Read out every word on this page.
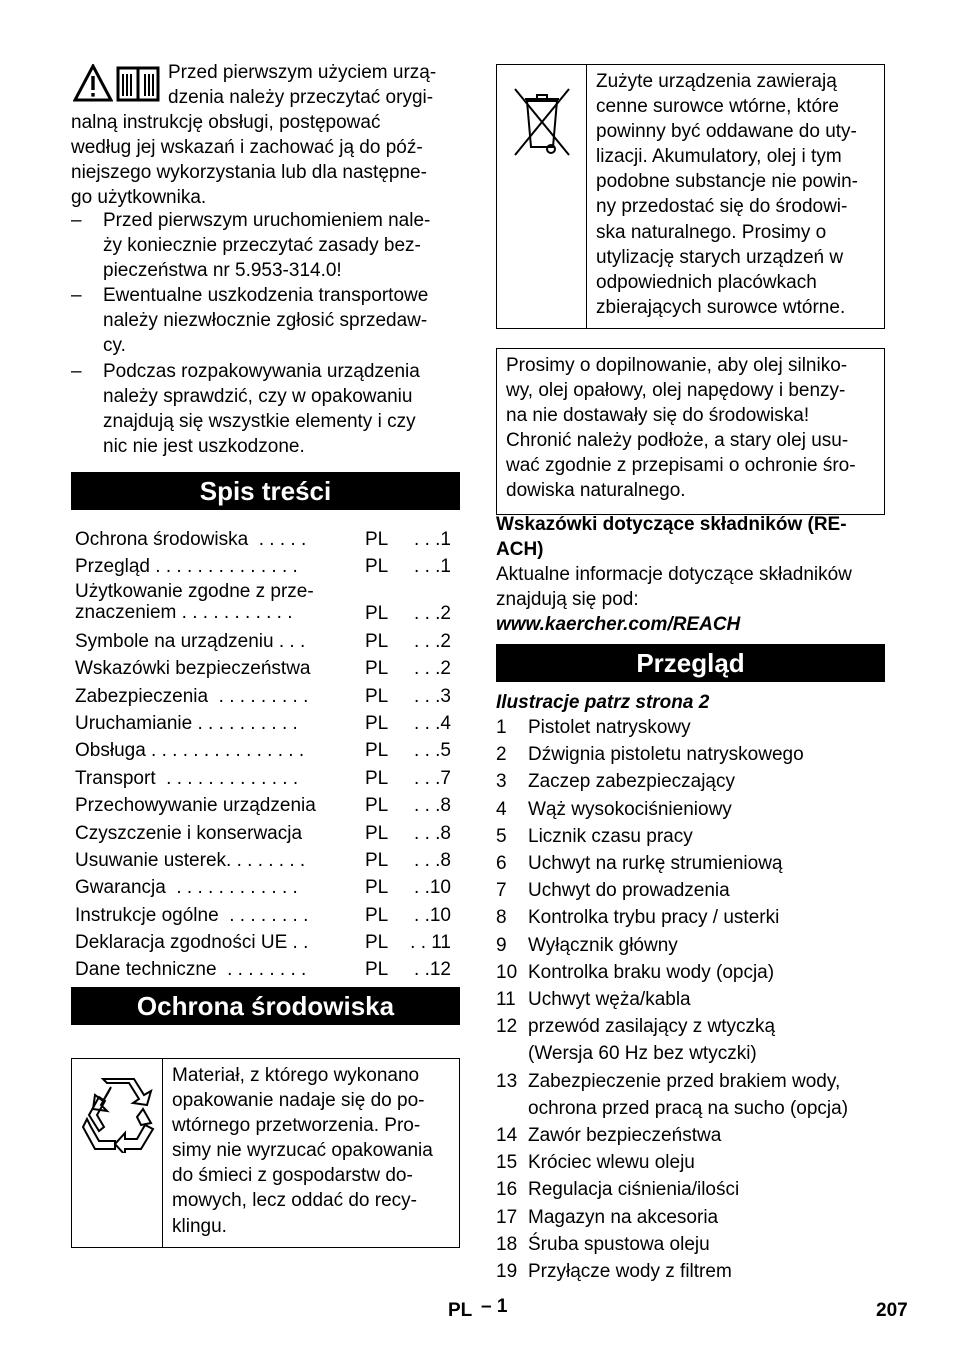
Przed pierwszym użyciem urzą-
dzenia należy przeczytać orygi-
nalną instrukcję obsługi, postępować
według jej wskazań i zachować ją do póź-
niejszego wykorzystania lub dla następne-
go użytkownika.
– Przed pierwszym uruchomieniem nale-
ży koniecznie przeczytać zasady bez-
pieczeństwa nr 5.953-314.0!
– Ewentualne uszkodzenia transportowe
należy niezwłocznie zgłosić sprzedaw-
cy.
– Podczas rozpakowywania urządzenia
należy sprawdzić, czy w opakowaniu
znajdują się wszystkie elementy i czy
nic nie jest uszkodzone.
Spis treści
Ochrona środowiska  . . . . .	PL	. . .1
Przegląd . . . . . . . . . . . . . .	PL	. . .1
Użytkowanie zgodne z prze-
znaczeniem . . . . . . . . . . .	PL	. . .2
Symbole na urządzeniu . . .	PL	. . .2
Wskazówki bezpieczeństwa	PL	. . .2
Zabezpieczenia  . . . . . . . . .	PL	. . .3
Uruchamianie . . . . . . . . . .	PL	. . .4
Obsługa . . . . . . . . . . . . . . .	PL	. . .5
Transport  . . . . . . . . . . . . .	PL	. . .7
Przechowywanie urządzenia	PL	. . .8
Czyszczenie i konserwacja	PL	. . .8
Usuwanie usterek. . . . . . . .	PL	. . .8
Gwarancja  . . . . . . . . . . . .	PL	. .10
Instrukcje ogólne  . . . . . . . .	PL	. .10
Deklaracja zgodności UE . .	PL . . 11
Dane techniczne  . . . . . . . .	PL	. .12
Ochrona środowiska
Materiał, z którego wykonano
opakowanie nadaje się do po-
wtórnego przetworzenia. Pro-
simy nie wyrzucać opakowania
do śmieci z gospodarstw do-
mowych, lecz oddać do recy-
klingu.
Zużyte urządzenia zawierają
cenne surowce wtórne, które
powinny być oddawane do uty-
lizacji. Akumulatory, olej i tym
podobne substancje nie powin-
ny przedostać się do środowi-
ska naturalnego. Prosimy o
utylizację starych urządzeń w
odpowiednich placówkach
zbierających surowce wtórne.
Prosimy o dopilnowanie, aby olej silniko-
wy, olej opałowy, olej napędowy i benzy-
na nie dostawały się do środowiska!
Chronić należy podłoże, a stary olej usu-
wać zgodnie z przepisami o ochronie śro-
dowiska naturalnego.
Wskazówki dotyczące składników (RE-
ACH)
Aktualne informacje dotyczące składników
znajdują się pod:
www.kaercher.com/REACH
Przegląd
Ilustracje patrz strona 2
1 Pistolet natryskowy
2 Dźwignia pistoletu natryskowego
3 Zaczep zabezpieczający
4 Wąż wysokociśnieniowy
5 Licznik czasu pracy
6 Uchwyt na rurkę strumieniową
7 Uchwyt do prowadzenia
8 Kontrolka trybu pracy / usterki
9 Wyłącznik główny
10 Kontrolka braku wody (opcja)
11 Uchwyt węża/kabla
12 przewód zasilający z wtyczką
(Wersja 60 Hz bez wtyczki)
13 Zabezpieczenie przed brakiem wody,
ochrona przed pracą na sucho (opcja)
14 Zawór bezpieczeństwa
15 Króciec wlewu oleju
16 Regulacja ciśnienia/ilości
17 Magazyn na akcesoria
18 Śruba spustowa oleju
19 Przyłącze wody z filtrem
PL – 1	207
